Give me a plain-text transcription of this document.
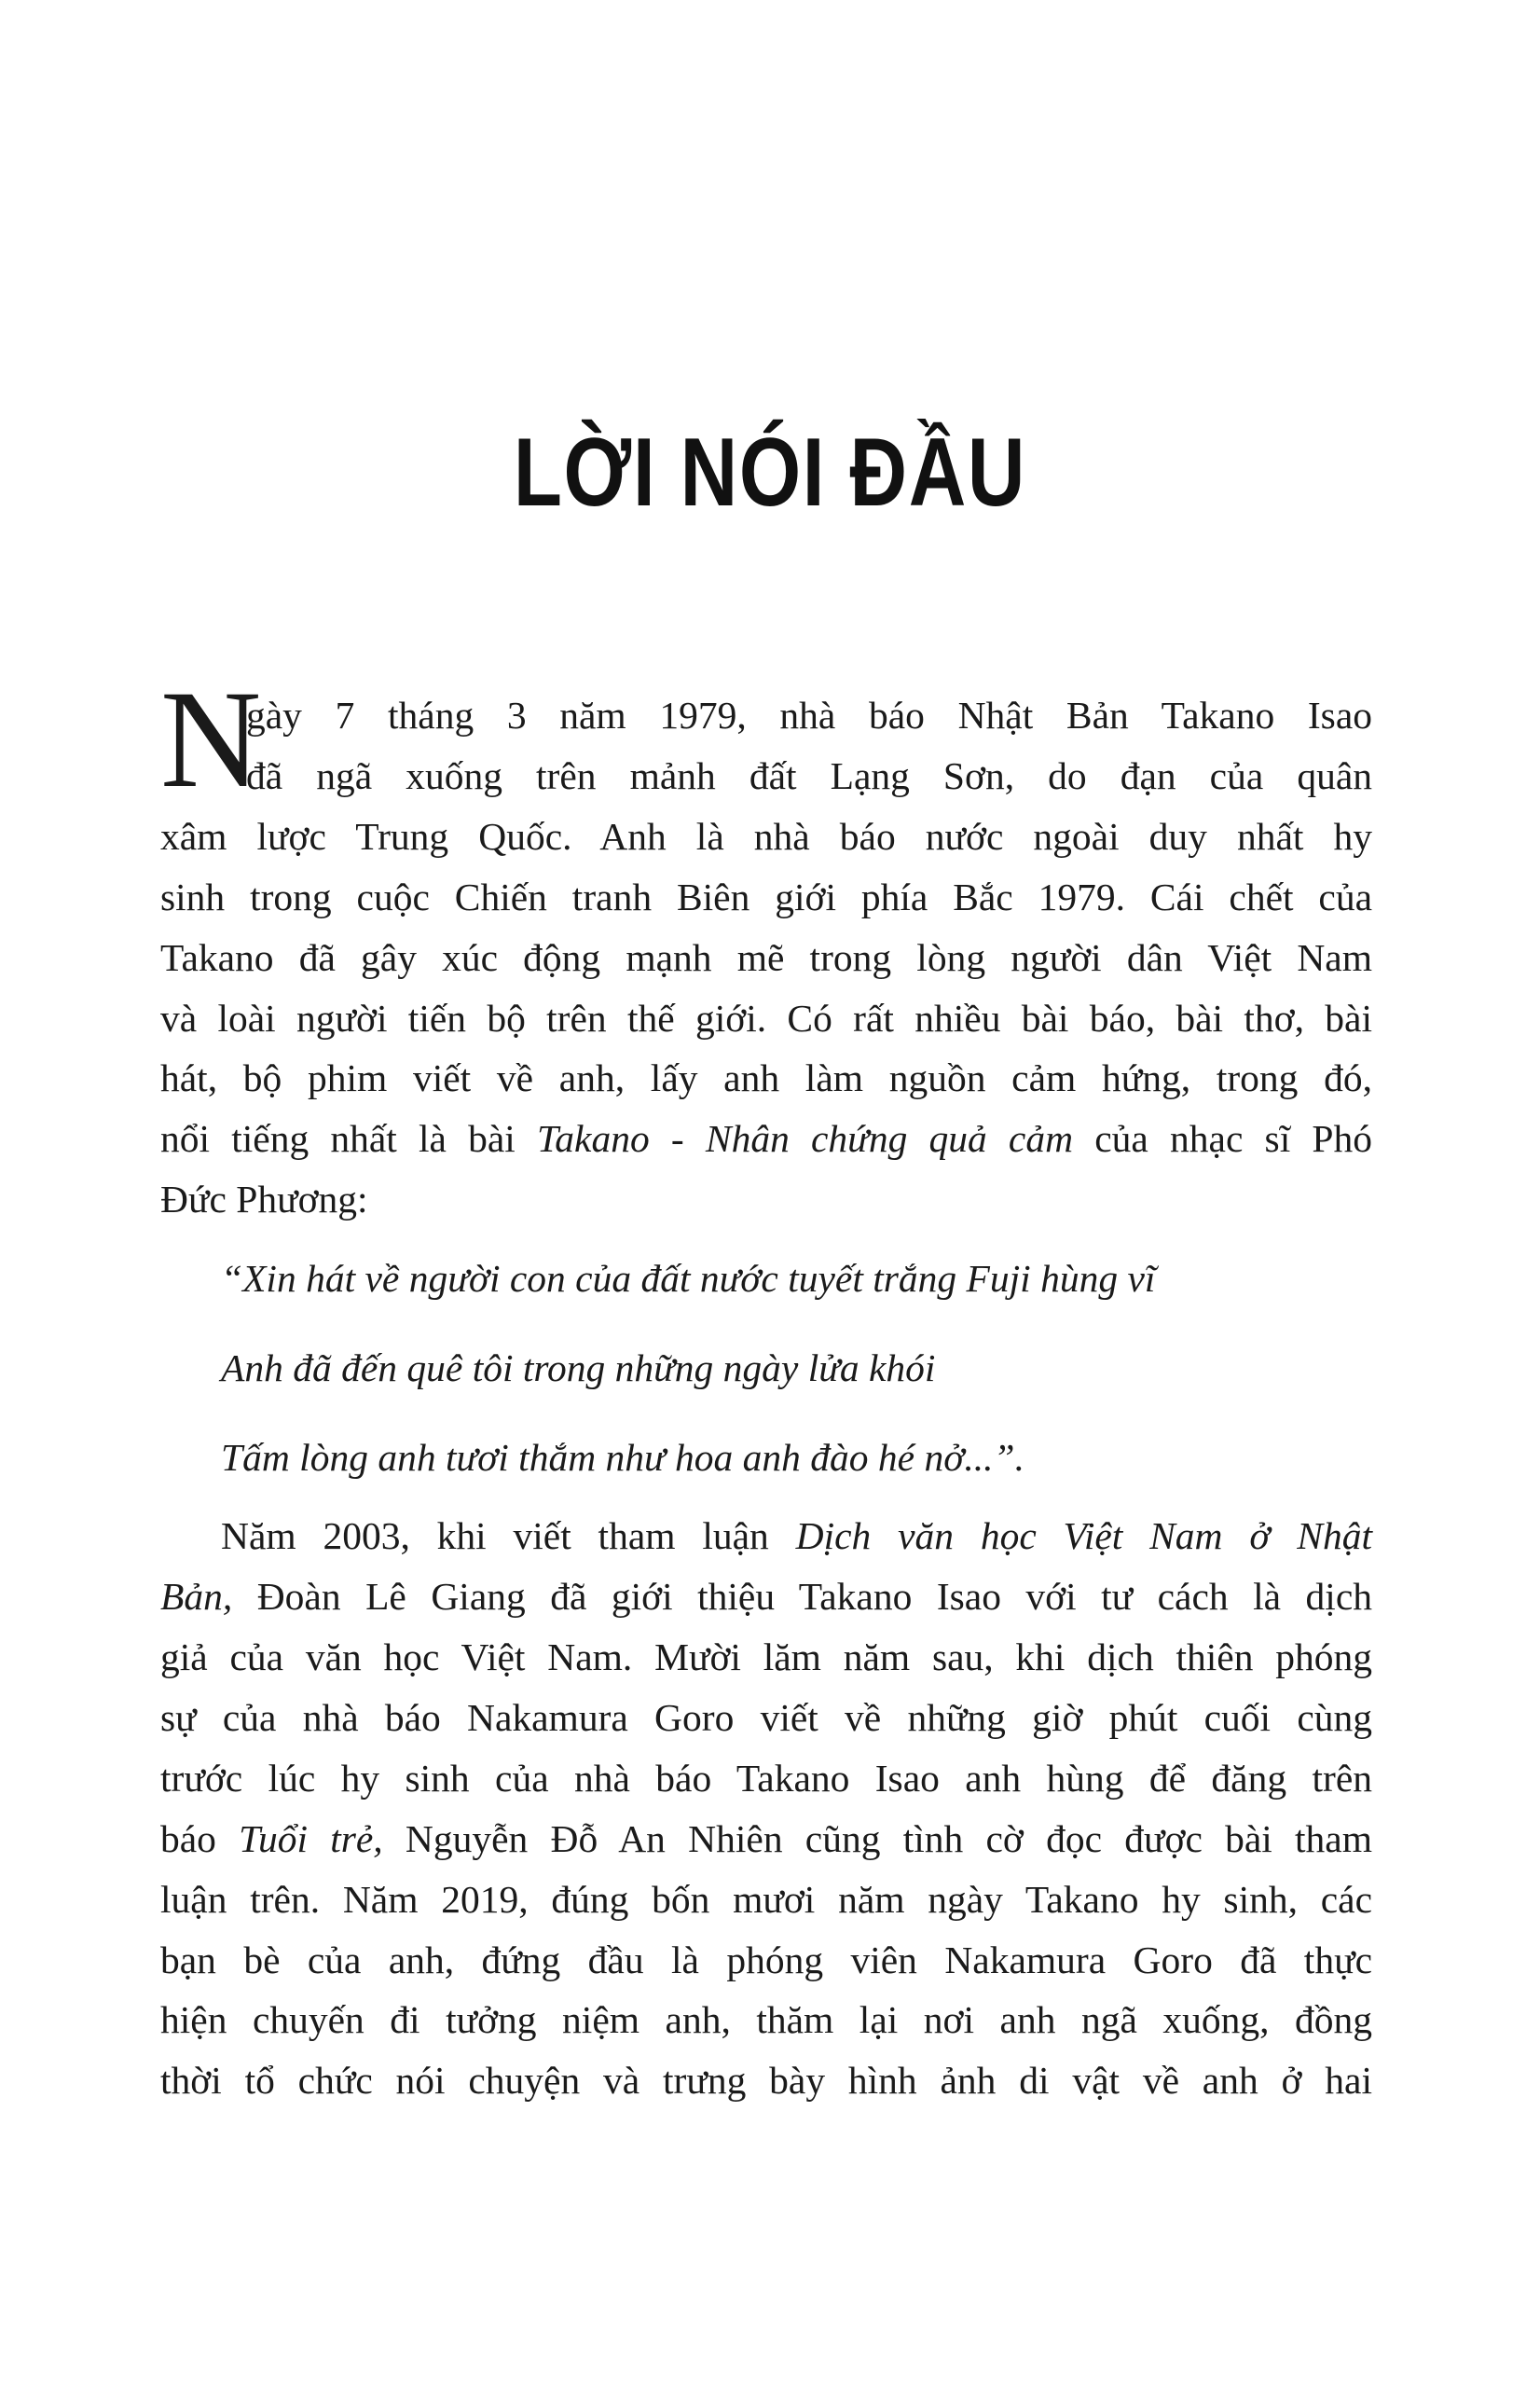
LỜI NÓI ĐẦU
N
gày 7 tháng 3 năm 1979, nhà báo Nhật Bản Takano Isao
đã ngã xuống trên mảnh đất Lạng Sơn, do đạn của quân
xâm lược Trung Quốc. Anh là nhà báo nước ngoài duy nhất hy
sinh trong cuộc Chiến tranh Biên giới phía Bắc 1979. Cái chết của
Takano đã gây xúc động mạnh mẽ trong lòng người dân Việt Nam
và loài người tiến bộ trên thế giới. Có rất nhiều bài báo, bài thơ, bài
hát, bộ phim viết về anh, lấy anh làm nguồn cảm hứng, trong đó,
nổi tiếng nhất là bài Takano - Nhân chứng quả cảm của nhạc sĩ Phó
Đức Phương:
“Xin hát về người con của đất nước tuyết trắng Fuji hùng vĩ
Anh đã đến quê tôi trong những ngày lửa khói
Tấm lòng anh tươi thắm như hoa anh đào hé nở...”.
Năm 2003, khi viết tham luận Dịch văn học Việt Nam ở Nhật
Bản, Đoàn Lê Giang đã giới thiệu Takano Isao với tư cách là dịch
giả của văn học Việt Nam. Mười lăm năm sau, khi dịch thiên phóng
sự của nhà báo Nakamura Goro viết về những giờ phút cuối cùng
trước lúc hy sinh của nhà báo Takano Isao anh hùng để đăng trên
báo Tuổi trẻ, Nguyễn Đỗ An Nhiên cũng tình cờ đọc được bài tham
luận trên. Năm 2019, đúng bốn mươi năm ngày Takano hy sinh, các
bạn bè của anh, đứng đầu là phóng viên Nakamura Goro đã thực
hiện chuyến đi tưởng niệm anh, thăm lại nơi anh ngã xuống, đồng
thời tổ chức nói chuyện và trưng bày hình ảnh di vật về anh ở hai
